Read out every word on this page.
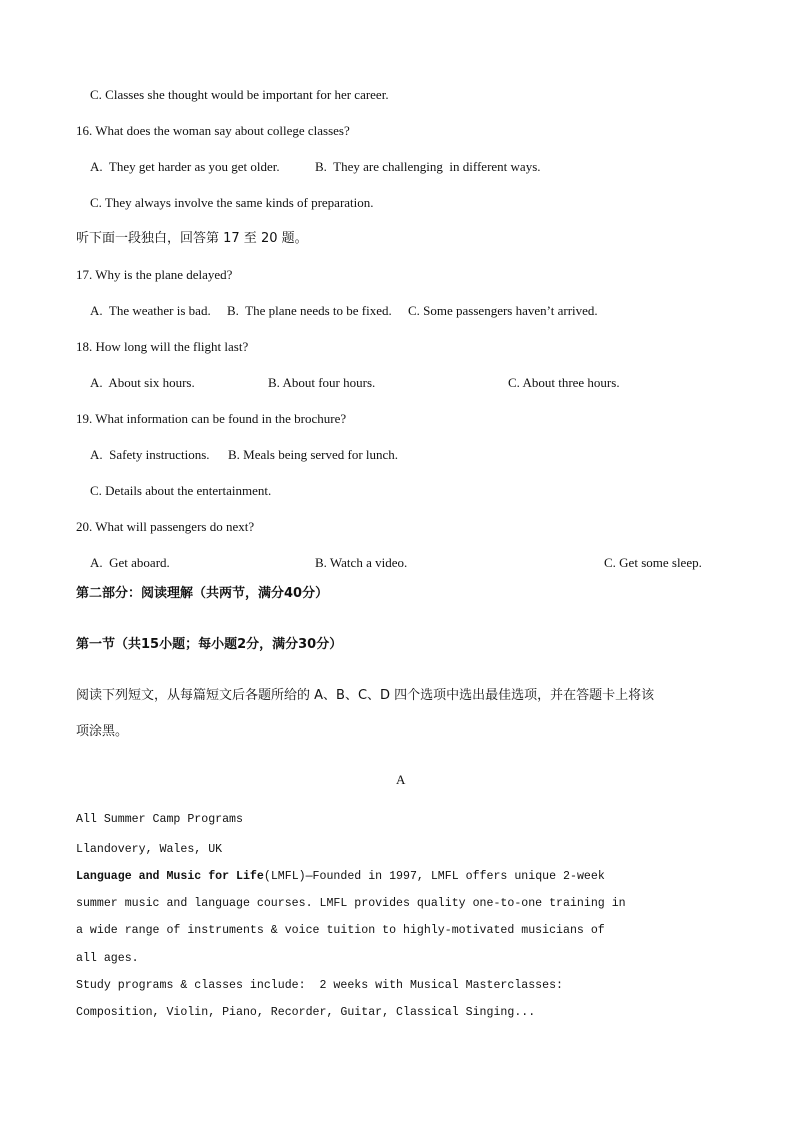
C. Classes she thought would be important for her career.
16. What does the woman say about college classes?
A.  They get harder as you get older.	B.  They are challenging  in different ways.
C. They always involve the same kinds of preparation.
听下面一段独白，回答第 17 至 20 题。
17. Why is the plane delayed?
A.  The weather is bad. B.  The plane needs to be fixed. C. Some passengers haven’t arrived.
18. How long will the flight last?
A.  About six hours.	B. About four hours.	C. About three hours.
19. What information can be found in the brochure?
A.  Safety instructions. B. Meals being served for lunch.
C. Details about the entertainment.
20. What will passengers do next?
A.  Get aboard.	B. Watch a video.	C. Get some sleep.
第二部分：阅读理解（共两节，满分40分）
第一节（共15小题；每小题2分，满分30分）
阅读下列短文，从每篇短文后各题所给的 A、B、C、D 四个选项中选出最佳选项，并在答题卡上将该
项涂黑。
A
All Summer Camp Programs
Llandovery, Wales, UK
Language and Music for Life(LMFL)—Founded in 1997, LMFL offers unique 2-week
summer music and language courses. LMFL provides quality one-to-one training in
a wide range of instruments & voice tuition to highly-motivated musicians of
all ages.
Study programs & classes include:  2 weeks with Musical Masterclasses:
Composition, Violin, Piano, Recorder, Guitar, Classical Singing...
